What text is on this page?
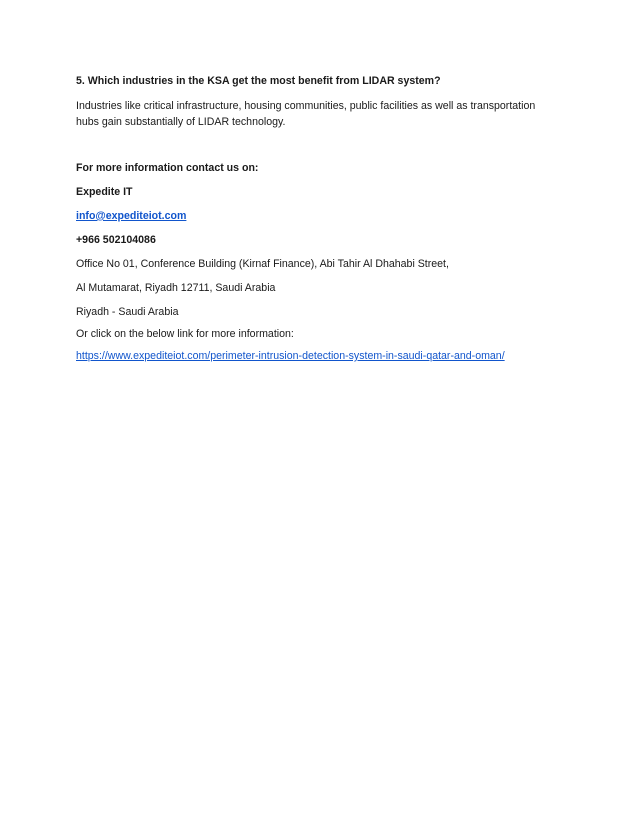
5. Which industries in the KSA get the most benefit from LIDAR system?
Industries like critical infrastructure, housing communities, public facilities as well as transportation hubs gain substantially of LIDAR technology.
For more information contact us on:
Expedite IT
info@expediteiot.com
+966 502104086
Office No 01, Conference Building (Kirnaf Finance), Abi Tahir Al Dhahabi Street,
Al Mutamarat, Riyadh 12711, Saudi Arabia
Riyadh - Saudi Arabia
Or click on the below link for more information:
https://www.expediteiot.com/perimeter-intrusion-detection-system-in-saudi-qatar-and-oman/
